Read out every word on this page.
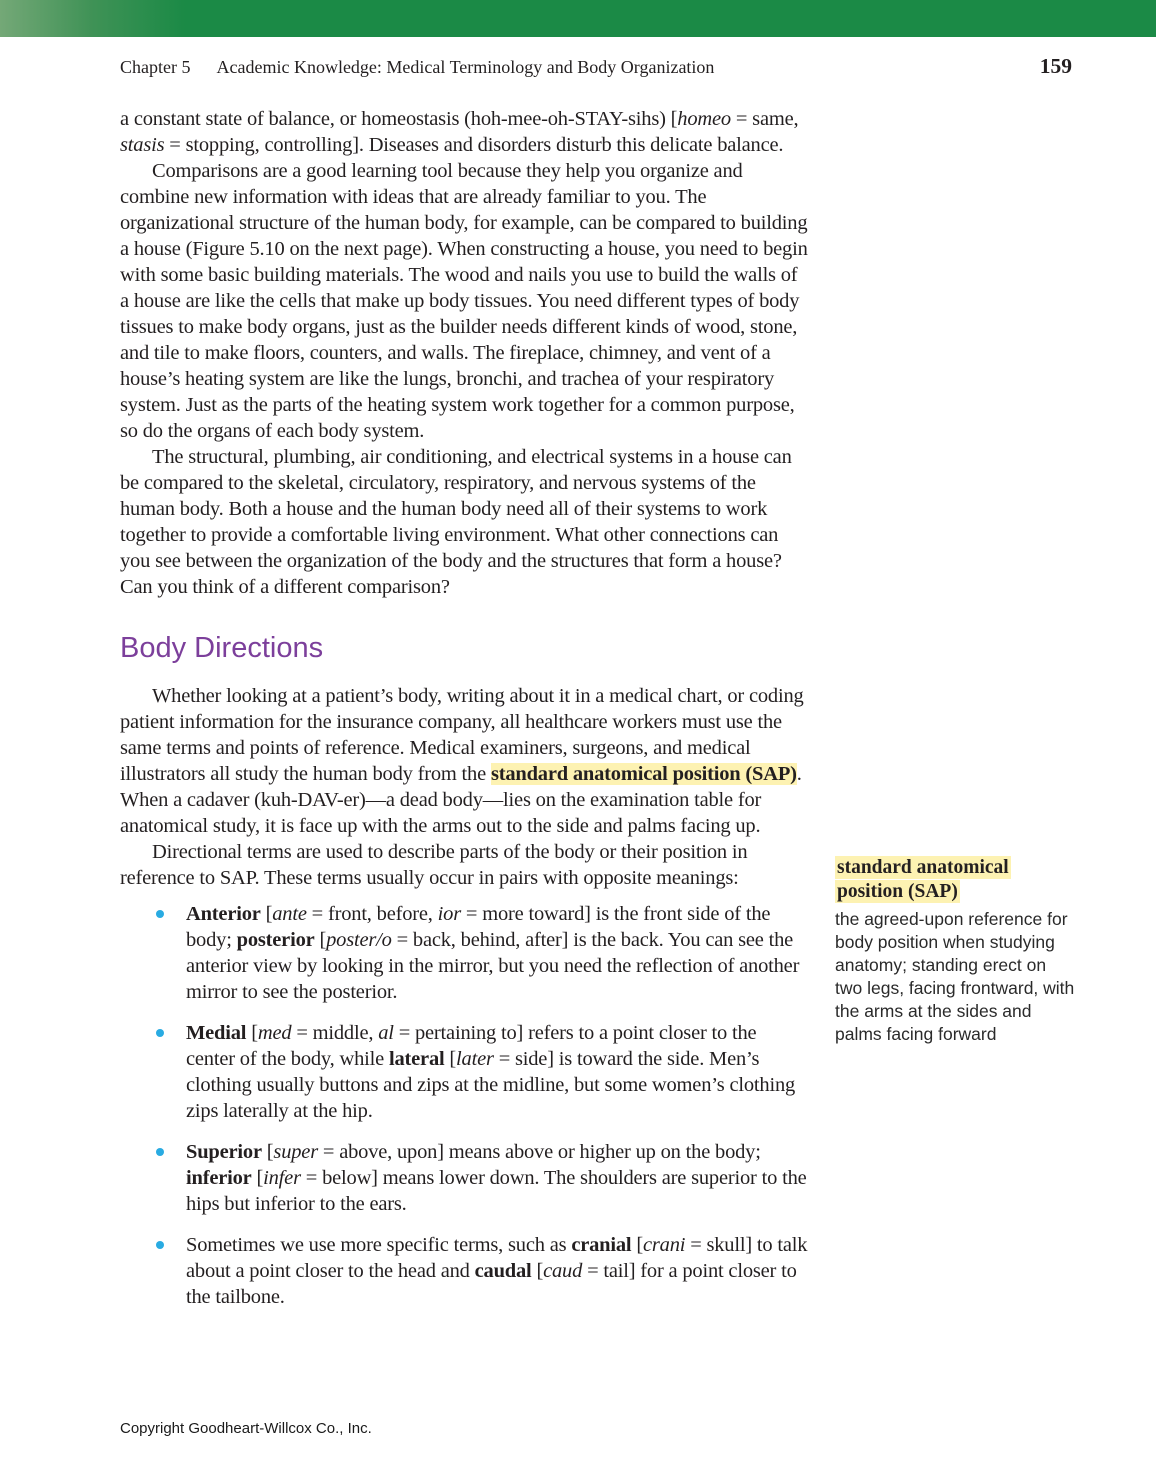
Chapter 5 Academic Knowledge: Medical Terminology and Body Organization	159

a constant state of balance, or homeostasis (hoh-mee-oh-STAY-sihs) [homeo = same, stasis = stopping, controlling]. Diseases and disorders disturb this delicate balance.

Comparisons are a good learning tool because they help you organize and combine new information with ideas that are already familiar to you. The organizational structure of the human body, for example, can be compared to building a house (Figure 5.10 on the next page). When constructing a house, you need to begin with some basic building materials. The wood and nails you use to build the walls of a house are like the cells that make up body tissues. You need different types of body tissues to make body organs, just as the builder needs different kinds of wood, stone, and tile to make floors, counters, and walls. The fireplace, chimney, and vent of a house’s heating system are like the lungs, bronchi, and trachea of your respiratory system. Just as the parts of the heating system work together for a common purpose, so do the organs of each body system.

The structural, plumbing, air conditioning, and electrical systems in a house can be compared to the skeletal, circulatory, respiratory, and nervous systems of the human body. Both a house and the human body need all of their systems to work together to provide a comfortable living environment. What other connections can you see between the organization of the body and the structures that form a house? Can you think of a different comparison?

Body Directions

Whether looking at a patient’s body, writing about it in a medical chart, or coding patient information for the insurance company, all healthcare workers must use the same terms and points of reference. Medical examiners, surgeons, and medical illustrators all study the human body from the standard anatomical position (SAP). When a cadaver (kuh-DAV-er)—a dead body—lies on the examination table for anatomical study, it is face up with the arms out to the side and palms facing up.

Directional terms are used to describe parts of the body or their position in reference to SAP. These terms usually occur in pairs with opposite meanings:

Anterior [ante = front, before, ior = more toward] is the front side of the body; posterior [poster/o = back, behind, after] is the back. You can see the anterior view by looking in the mirror, but you need the reflection of another mirror to see the posterior.
Medial [med = middle, al = pertaining to] refers to a point closer to the center of the body, while lateral [later = side] is toward the side. Men’s clothing usually buttons and zips at the midline, but some women’s clothing zips laterally at the hip.
Superior [super = above, upon] means above or higher up on the body; inferior [infer = below] means lower down. The shoulders are superior to the hips but inferior to the ears.
Sometimes we use more specific terms, such as cranial [crani = skull] to talk about a point closer to the head and caudal [caud = tail] for a point closer to the tailbone.
standard anatomical position (SAP)
the agreed-upon reference for body position when studying anatomy; standing erect on two legs, facing frontward, with the arms at the sides and palms facing forward
Copyright Goodheart-Willcox Co., Inc.
